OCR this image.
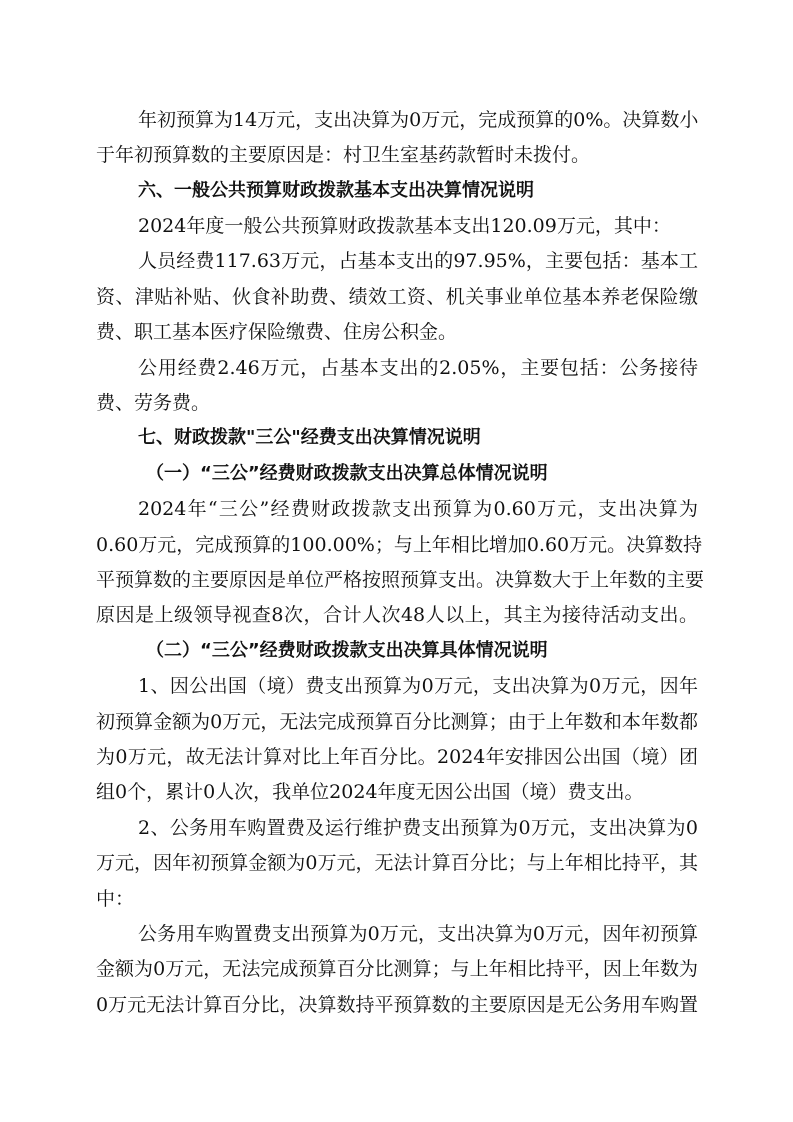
年初预算为14万元，支出决算为0万元，完成预算的0%。决算数小

于年初预算数的主要原因是：村卫生室基药款暂时未拨付。

六、一般公共预算财政拨款基本支出决算情况说明

2024年度一般公共预算财政拨款基本支出120.09万元，其中：

人员经费117.63万元，占基本支出的97.95%，主要包括：基本工

资、津贴补贴、伙食补助费、绩效工资、机关事业单位基本养老保险缴

费、职工基本医疗保险缴费、住房公积金。

公用经费2.46万元，占基本支出的2.05%，主要包括：公务接待

费、劳务费。

七、财政拨款"三公"经费支出决算情况说明

（一）“三公”经费财政拨款支出决算总体情况说明

2024年“三公”经费财政拨款支出预算为0.60万元，支出决算为

0.60万元，完成预算的100.00%；与上年相比增加0.60万元。决算数持

平预算数的主要原因是单位严格按照预算支出。决算数大于上年数的主要

原因是上级领导视查8次，合计人次48人以上，其主为接待活动支出。

（二）“三公”经费财政拨款支出决算具体情况说明

1、因公出国（境）费支出预算为0万元，支出决算为0万元，因年

初预算金额为0万元，无法完成预算百分比测算；由于上年数和本年数都

为0万元，故无法计算对比上年百分比。2024年安排因公出国（境）团

组0个，累计0人次，我单位2024年度无因公出国（境）费支出。

2、公务用车购置费及运行维护费支出预算为0万元，支出决算为0

万元，因年初预算金额为0万元，无法计算百分比；与上年相比持平，其

中：

公务用车购置费支出预算为0万元，支出决算为0万元，因年初预算

金额为0万元，无法完成预算百分比测算；与上年相比持平，因上年数为

0万元无法计算百分比，决算数持平预算数的主要原因是无公务用车购置
